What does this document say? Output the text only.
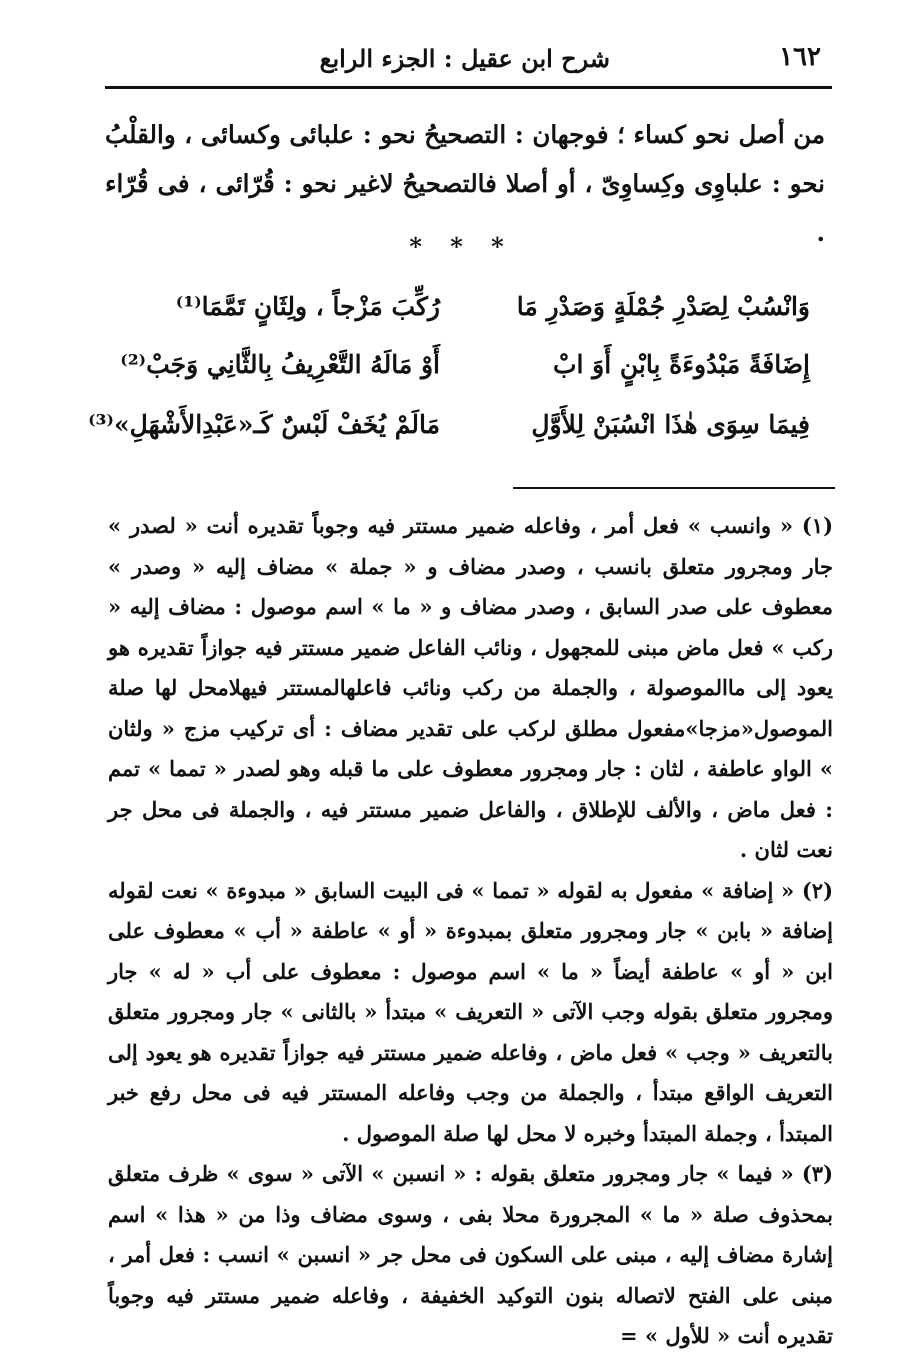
١٦٢
شرح ابن عقيل : الجزء الرابع

من أصل نحو كساء ؛ فوجهان : التصحيحُ نحو : علبائى وكسائى ، والقلْبُ نحو : علباوِى وكِساوِىّ ، أو أصلا فالتصحيحُ لاغير نحو : قُرّائى ، فى قُرّاء .

* * *
وَانْسُبْ لِصَدْرِ جُمْلَةٍ وَصَدْرِ مَا
رُكِّبَ مَزْجاً ، ولِثَانٍ تَمَّمَا⁽¹⁾
إِضَافَةً مَبْدُوءَةً بِابْنٍ أَوَ ابْ
أَوْ مَالَهُ التَّعْرِيفُ بِالثَّانِي وَجَبْ⁽²⁾
فِيمَا سِوَى هٰذَا انْسُبَنْ لِلأَوَّلِ
مَالَمْ يُخَفْ لَبْسٌ كَـ«عَبْدِالأَشْهَلِ»⁽³⁾

(١) « وانسب » فعل أمر ، وفاعله ضمير مستتر فيه وجوباً تقديره أنت « لصدر » جار ومجرور متعلق بانسب ، وصدر مضاف و « جملة » مضاف إليه « وصدر » معطوف على صدر السابق ، وصدر مضاف و « ما » اسم موصول : مضاف إليه « ركب » فعل ماض مبنى للمجهول ، ونائب الفاعل ضمير مستتر فيه جوازاً تقديره هو يعود إلى ماالموصولة ، والجملة من ركب ونائب فاعلهالمستتر فيهلامحل لها صلة الموصول«مزجا»مفعول مطلق لركب على تقدير مضاف : أى تركيب مزج « ولثان » الواو عاطفة ، لثان : جار ومجرور معطوف على ما قبله وهو لصدر « تمما » تمم : فعل ماض ، والألف للإطلاق ، والفاعل ضمير مستتر فيه ، والجملة فى محل جر نعت لثان .

(٢) « إضافة » مفعول به لقوله « تمما » فى البيت السابق « مبدوءة » نعت لقوله إضافة « بابن » جار ومجرور متعلق بمبدوءة « أو » عاطفة « أب » معطوف على ابن « أو » عاطفة أيضاً « ما » اسم موصول : معطوف على أب « له » جار ومجرور متعلق بقوله وجب الآتى « التعريف » مبتدأ « بالثانى » جار ومجرور متعلق بالتعريف « وجب » فعل ماض ، وفاعله ضمير مستتر فيه جوازاً تقديره هو يعود إلى التعريف الواقع مبتدأ ، والجملة من وجب وفاعله المستتر فيه فى محل رفع خبر المبتدأ ، وجملة المبتدأ وخبره لا محل لها صلة الموصول .

(٣) « فيما » جار ومجرور متعلق بقوله : « انسبن » الآتى « سوى » ظرف متعلق بمحذوف صلة « ما » المجرورة محلا بفى ، وسوى مضاف وذا من « هذا » اسم إشارة مضاف إليه ، مبنى على السكون فى محل جر « انسبن » انسب : فعل أمر ، مبنى على الفتح لاتصاله بنون التوكيد الخفيفة ، وفاعله ضمير مستتر فيه وجوباً تقديره أنت « للأول » =
